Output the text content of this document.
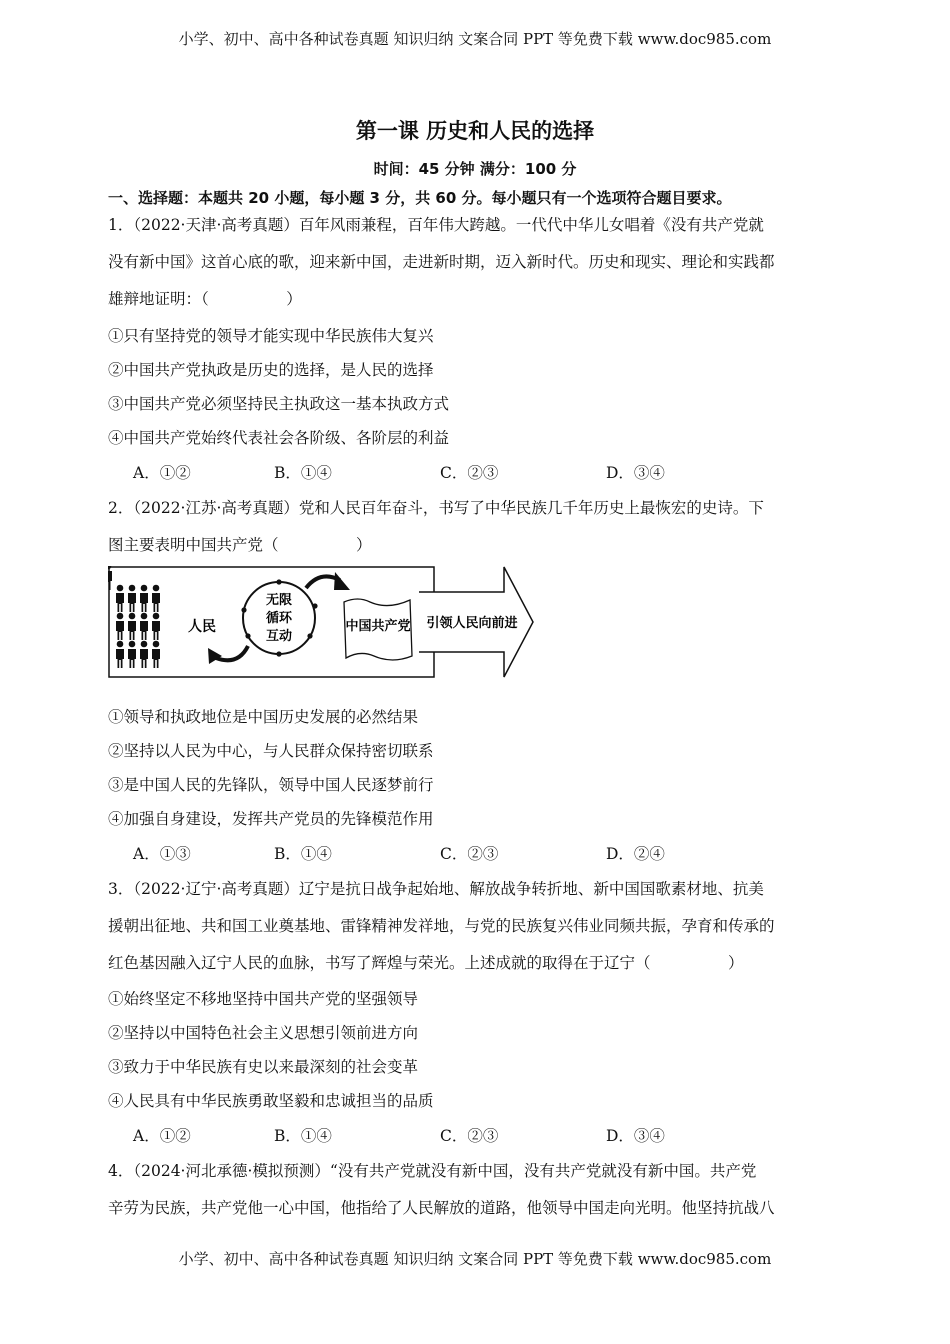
小学、初中、高中各种试卷真题 知识归纳 文案合同 PPT 等免费下载 www.doc985.com
第一课 历史和人民的选择
时间：45 分钟 满分：100 分
一、选择题：本题共 20 小题，每小题 3 分，共 60 分。每小题只有一个选项符合题目要求。
1．（2022·天津·高考真题）百年风雨兼程，百年伟大跨越。一代代中华儿女唱着《没有共产党就
没有新中国》这首心底的歌，迎来新中国，走进新时期，迈入新时代。历史和现实、理论和实践都
雄辩地证明：（　　　　　）
①只有坚持党的领导才能实现中华民族伟大复兴
②中国共产党执政是历史的选择，是人民的选择
③中国共产党必须坚持民主执政这一基本执政方式
④中国共产党始终代表社会各阶级、各阶层的利益
A．①②	B．①④	C．②③	D．③④
2．（2022·江苏·高考真题）党和人民百年奋斗，书写了中华民族几千年历史上最恢宏的史诗。下
图主要表明中国共产党（　　　　　）
人民
无限
循环
互动
中国共产党 引领人民向前进
①领导和执政地位是中国历史发展的必然结果
②坚持以人民为中心，与人民群众保持密切联系
③是中国人民的先锋队，领导中国人民逐梦前行
④加强自身建设，发挥共产党员的先锋模范作用
A．①③	B．①④	C．②③	D．②④
3．（2022·辽宁·高考真题）辽宁是抗日战争起始地、解放战争转折地、新中国国歌素材地、抗美
援朝出征地、共和国工业奠基地、雷锋精神发祥地，与党的民族复兴伟业同频共振，孕育和传承的
红色基因融入辽宁人民的血脉，书写了辉煌与荣光。上述成就的取得在于辽宁（　　　　　）
①始终坚定不移地坚持中国共产党的坚强领导
②坚持以中国特色社会主义思想引领前进方向
③致力于中华民族有史以来最深刻的社会变革
④人民具有中华民族勇敢坚毅和忠诚担当的品质
A．①②	B．①④	C．②③	D．③④
4．（2024·河北承德·模拟预测）“没有共产党就没有新中国，没有共产党就没有新中国。共产党
辛劳为民族，共产党他一心中国，他指给了人民解放的道路，他领导中国走向光明。他坚持抗战八
小学、初中、高中各种试卷真题 知识归纳 文案合同 PPT 等免费下载 www.doc985.com
